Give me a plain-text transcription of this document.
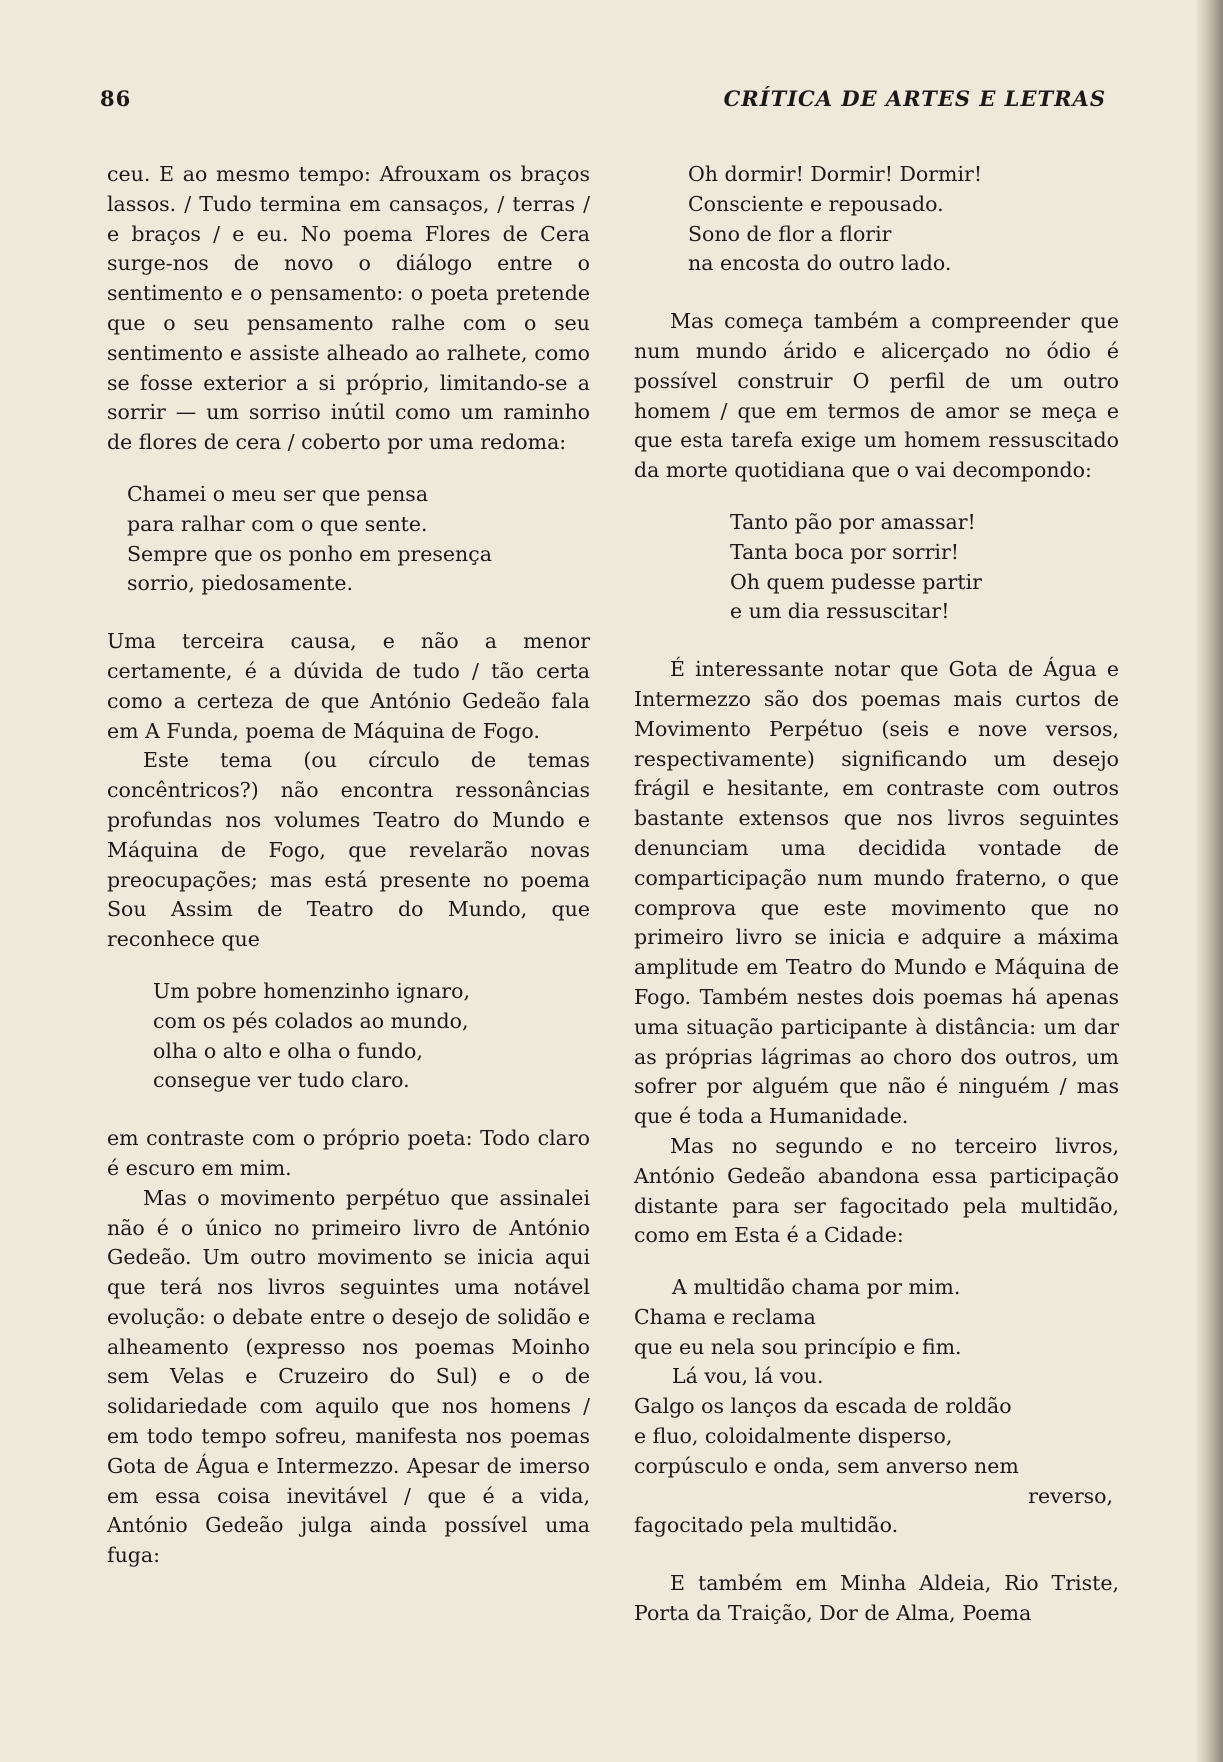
86	CRÍTICA DE ARTES E LETRAS

ceu. E ao mesmo tempo: Afrouxam os braços lassos. / Tudo termina em cansaços, / terras / e braços / e eu. No poema Flores de Cera surge-nos de novo o diálogo entre o sentimento e o pensamento: o poeta pretende que o seu pensamento ralhe com o seu sentimento e assiste alheado ao ralhete, como se fosse exterior a si próprio, limitando-se a sorrir — um sorriso inútil como um raminho de flores de cera / coberto por uma redoma:

Chamei o meu ser que pensa
para ralhar com o que sente.
Sempre que os ponho em presença
sorrio, piedosamente.

Uma terceira causa, e não a menor certamente, é a dúvida de tudo / tão certa como a certeza de que António Gedeão fala em A Funda, poema de Máquina de Fogo.

Este tema (ou círculo de temas concêntricos?) não encontra ressonâncias profundas nos volumes Teatro do Mundo e Máquina de Fogo, que revelarão novas preocupações; mas está presente no poema Sou Assim de Teatro do Mundo, que reconhece que

Um pobre homenzinho ignaro,
com os pés colados ao mundo,
olha o alto e olha o fundo,
consegue ver tudo claro.

em contraste com o próprio poeta: Todo claro é escuro em mim.

Mas o movimento perpétuo que assinalei não é o único no primeiro livro de António Gedeão. Um outro movimento se inicia aqui que terá nos livros seguintes uma notável evolução: o debate entre o desejo de solidão e alheamento (expresso nos poemas Moinho sem Velas e Cruzeiro do Sul) e o de solidariedade com aquilo que nos homens / em todo tempo sofreu, manifesta nos poemas Gota de Água e Intermezzo. Apesar de imerso em essa coisa inevitável / que é a vida, António Gedeão julga ainda possível uma fuga:

Oh dormir! Dormir! Dormir!
Consciente e repousado.
Sono de flor a florir
na encosta do outro lado.

Mas começa também a compreender que num mundo árido e alicerçado no ódio é possível construir O perfil de um outro homem / que em termos de amor se meça e que esta tarefa exige um homem ressuscitado da morte quotidiana que o vai decompondo:

Tanto pão por amassar!
Tanta boca por sorrir!
Oh quem pudesse partir
e um dia ressuscitar!

É interessante notar que Gota de Água e Intermezzo são dos poemas mais curtos de Movimento Perpétuo (seis e nove versos, respectivamente) significando um desejo frágil e hesitante, em contraste com outros bastante extensos que nos livros seguintes denunciam uma decidida vontade de comparticipação num mundo fraterno, o que comprova que este movimento que no primeiro livro se inicia e adquire a máxima amplitude em Teatro do Mundo e Máquina de Fogo. Também nestes dois poemas há apenas uma situação participante à distância: um dar as próprias lágrimas ao choro dos outros, um sofrer por alguém que não é ninguém / mas que é toda a Humanidade.

Mas no segundo e no terceiro livros, António Gedeão abandona essa participação distante para ser fagocitado pela multidão, como em Esta é a Cidade:

A multidão chama por mim.
Chama e reclama
que eu nela sou princípio e fim.
Lá vou, lá vou.
Galgo os lanços da escada de roldão
e fluo, coloidalmente disperso,
corpúsculo e onda, sem anverso nem
reverso,
fagocitado pela multidão.

E também em Minha Aldeia, Rio Triste, Porta da Traição, Dor de Alma, Poema
